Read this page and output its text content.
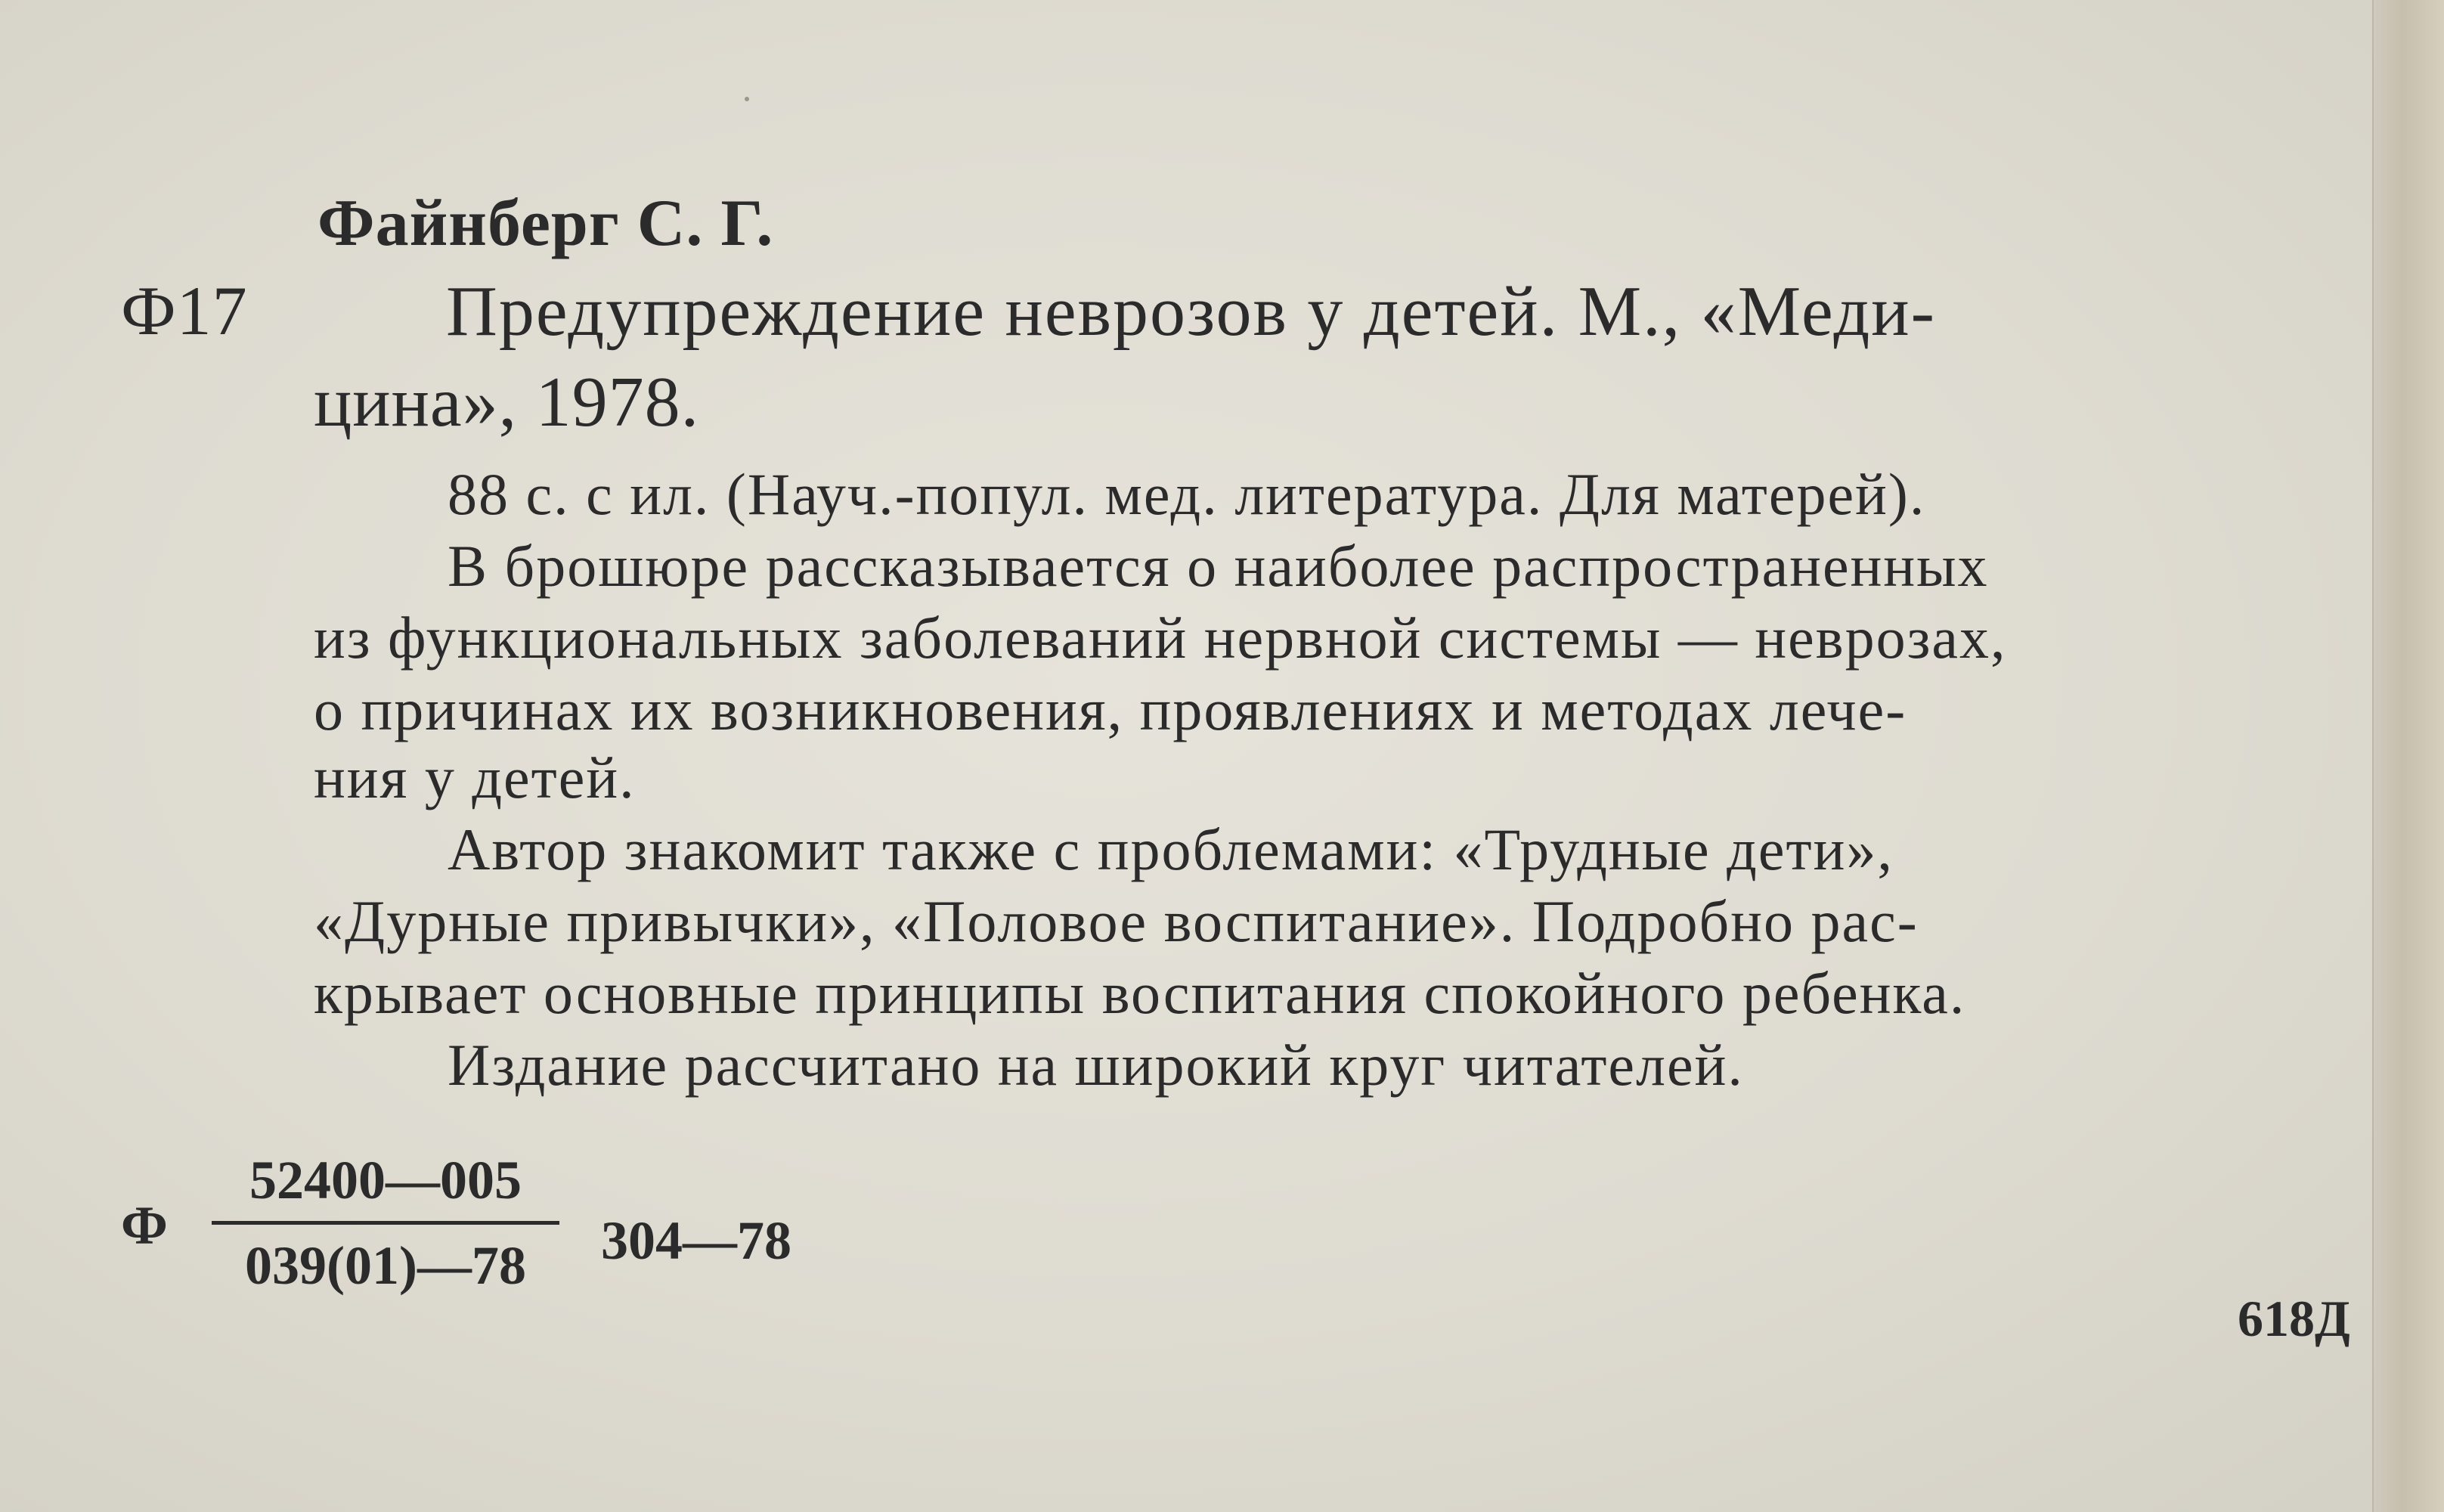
Файнберг С. Г.
Ф17	Предупреждение неврозов у детей. М., «Меди-
цина», 1978.
88 с. с ил. (Науч.-попул. мед. литература. Для матерей).
В брошюре рассказывается о наиболее распространенных
из функциональных заболеваний нервной системы — неврозах,
о причинах их возникновения, проявлениях и методах лече-
ния у детей.
Автор знакомит также с проблемами: «Трудные дети»,
«Дурные привычки», «Половое воспитание». Подробно рас-
крывает основные принципы воспитания спокойного ребенка.
Издание рассчитано на широкий круг читателей.
Ф
52400—005
039(01)—78	304—78
618Д
